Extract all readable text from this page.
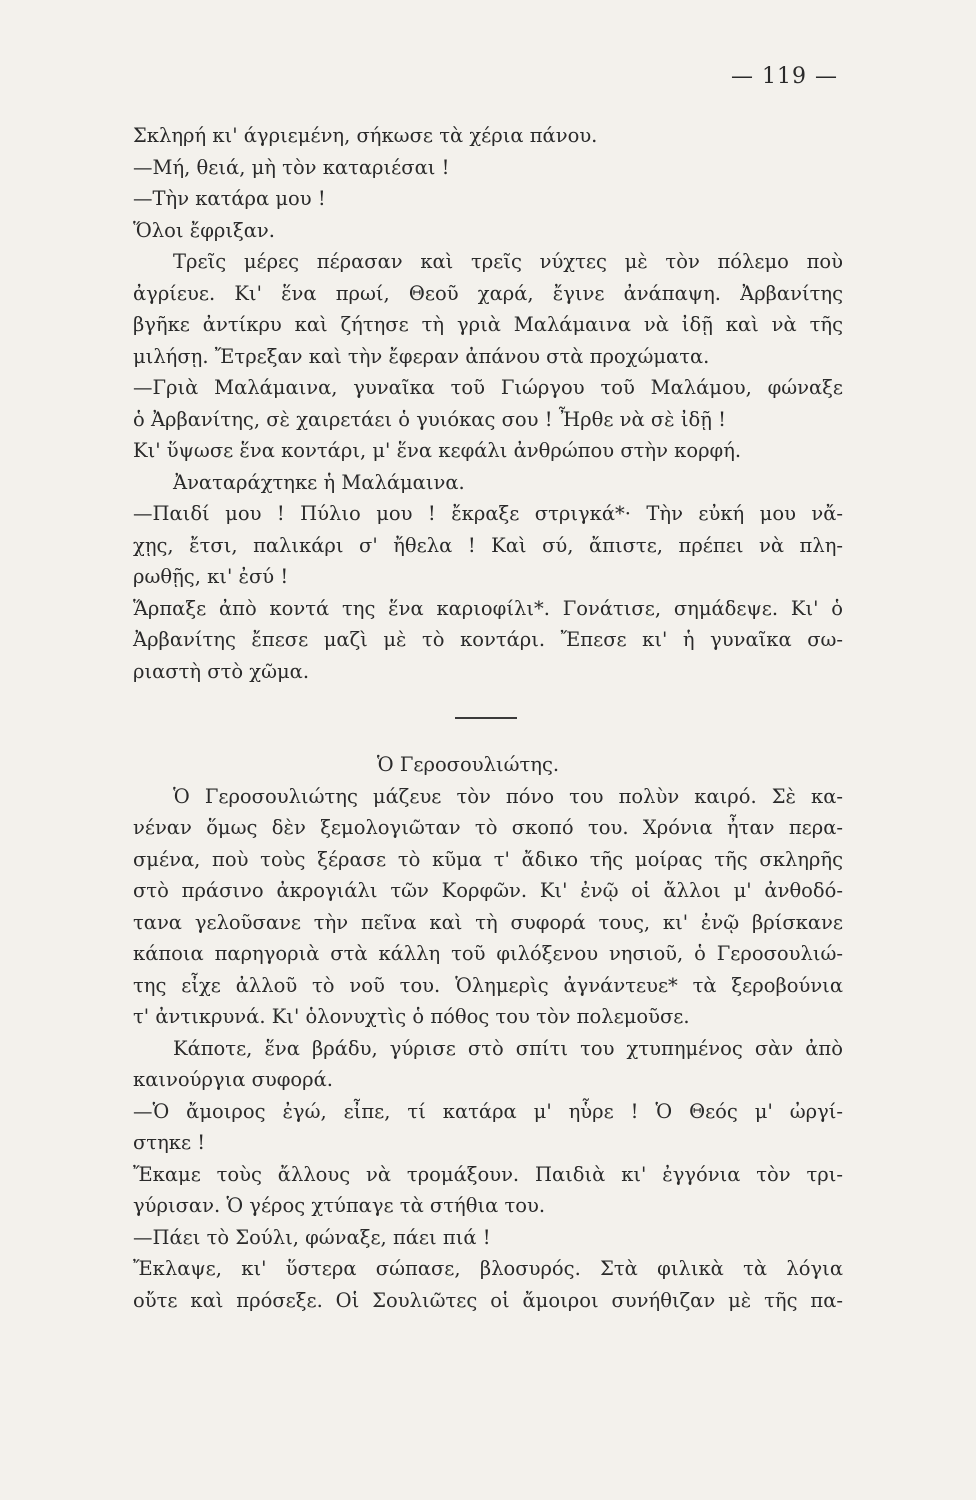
— 119 —
Σκληρή κι' άγριεμένη, σήκωσε τὰ χέρια πάνου.
—Μή, θειά, μὴ τὸν καταριέσαι !
—Τὴν κατάρα μου !
Ὅλοι ἔφριξαν.
Τρεῖς μέρες πέρασαν καὶ τρεῖς νύχτες μὲ τὸν πόλεμο ποὺ
ἀγρίευε. Κι' ἕνα πρωί, Θεοῦ χαρά, ἔγινε ἀνάπαψη. Ἀρβανίτης
βγῆκε ἀντίκρυ καὶ ζήτησε τὴ γριὰ Μαλάμαινα νὰ ἰδῇ καὶ νὰ τῆς
μιλήσῃ. Ἔτρεξαν καὶ τὴν ἔφεραν ἀπάνου στὰ προχώματα.
—Γριὰ Μαλάμαινα, γυναῖκα τοῦ Γιώργου τοῦ Μαλάμου, φώναξε
ὁ Ἀρβανίτης, σὲ χαιρετάει ὁ γυιόκας σου ! Ἦρθε νὰ σὲ ἰδῇ !
Κι' ὕψωσε ἕνα κοντάρι, μ' ἕνα κεφάλι ἀνθρώπου στὴν κορφή.
Ἀναταράχτηκε ἡ Μαλάμαινα.
—Παιδί μου ! Πύλιο μου ! ἔκραξε στριγκά*· Τὴν εὐκή μου νἄ-
χῃς, ἔτσι, παλικάρι σ' ἤθελα ! Καὶ σύ, ἄπιστε, πρέπει νὰ πλη-
ρωθῇς, κι' ἐσύ !
Ἅρπαξε ἀπὸ κοντά της ἕνα καριοφίλι*. Γονάτισε, σημάδεψε. Κι' ὁ
Ἀρβανίτης ἔπεσε μαζὶ μὲ τὸ κοντάρι. Ἔπεσε κι' ἡ γυναῖκα σω-
ριαστὴ στὸ χῶμα.
Ὁ Γεροσουλιώτης.
Ὁ Γεροσουλιώτης μάζευε τὸν πόνο του πολὺν καιρό. Σὲ κα-
νέναν ὅμως δὲν ξεμολογιῶταν τὸ σκοπό του. Χρόνια ἦταν περα-
σμένα, ποὺ τοὺς ξέρασε τὸ κῦμα τ' ἄδικο τῆς μοίρας τῆς σκληρῆς
στὸ πράσινο ἀκρογιάλι τῶν Κορφῶν. Κι' ἐνῷ οἱ ἄλλοι μ' ἀνθοδό-
τανα γελοῦσανε τὴν πεῖνα καὶ τὴ συφορά τους, κι' ἐνῷ βρίσκανε
κάποια παρηγοριὰ στὰ κάλλη τοῦ φιλόξενου νησιοῦ, ὁ Γεροσουλιώ-
της εἶχε ἀλλοῦ τὸ νοῦ του. Ὁλημερὶς ἀγνάντευε* τὰ ξεροβούνια
τ' ἀντικρυνά. Κι' ὁλονυχτὶς ὁ πόθος του τὸν πολεμοῦσε.
Κάποτε, ἕνα βράδυ, γύρισε στὸ σπίτι του χτυπημένος σὰν ἀπὸ
καινούργια συφορά.
—Ὁ ἄμοιρος ἐγώ, εἶπε, τί κατάρα μ' ηὗρε ! Ὁ Θεός μ' ὠργί-
στηκε !
Ἔκαμε τοὺς ἄλλους νὰ τρομάξουν. Παιδιὰ κι' ἐγγόνια τὸν τρι-
γύρισαν. Ὁ γέρος χτύπαγε τὰ στήθια του.
—Πάει τὸ Σούλι, φώναξε, πάει πιά !
Ἔκλαψε, κι' ὕστερα σώπασε, βλοσυρός. Στὰ φιλικὰ τὰ λόγια
οὔτε καὶ πρόσεξε. Οἱ Σουλιῶτες οἱ ἄμοιροι συνήθιζαν μὲ τῆς πα-
